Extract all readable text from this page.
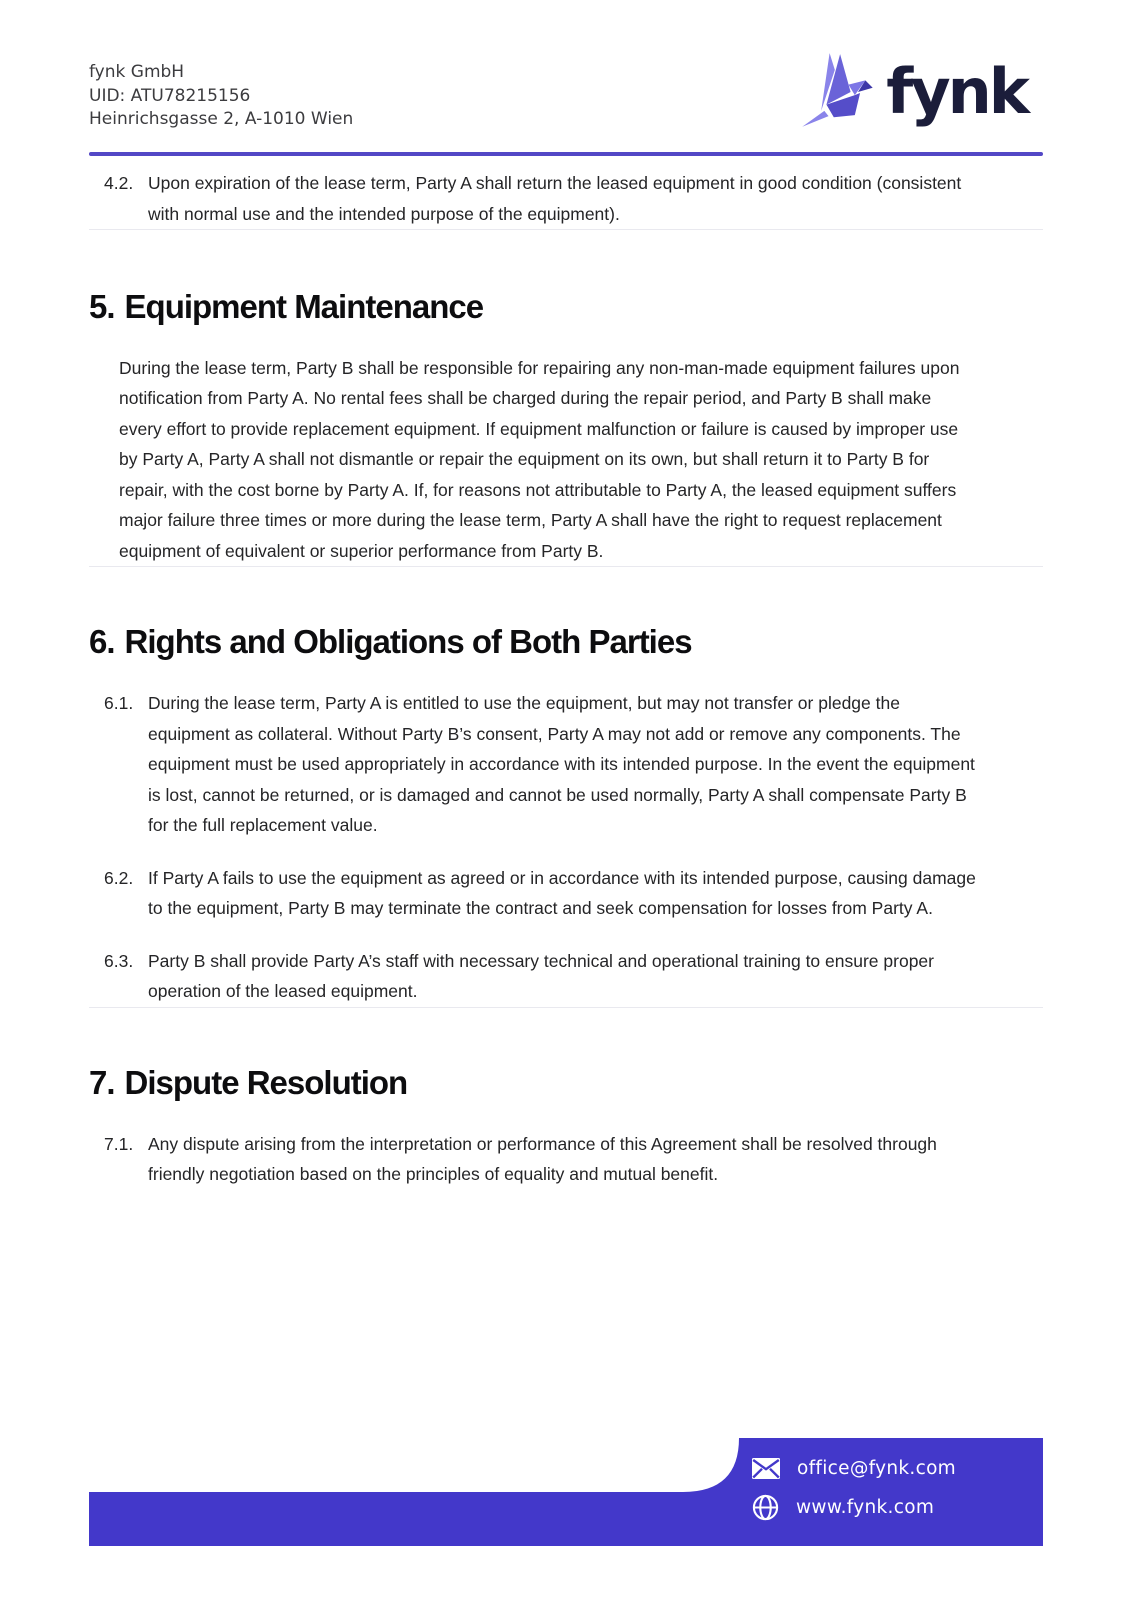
fynk GmbH
UID: ATU78215156
Heinrichsgasse 2, A-1010 Wien	fynk
4.2. Upon expiration of the lease term, Party A shall return the leased equipment in good condition (consistent with normal use and the intended purpose of the equipment).
5. Equipment Maintenance

During the lease term, Party B shall be responsible for repairing any non-man-made equipment failures upon notification from Party A. No rental fees shall be charged during the repair period, and Party B shall make every effort to provide replacement equipment. If equipment malfunction or failure is caused by improper use by Party A, Party A shall not dismantle or repair the equipment on its own, but shall return it to Party B for repair, with the cost borne by Party A. If, for reasons not attributable to Party A, the leased equipment suffers major failure three times or more during the lease term, Party A shall have the right to request replacement equipment of equivalent or superior performance from Party B.

6. Rights and Obligations of Both Parties
6.1. During the lease term, Party A is entitled to use the equipment, but may not transfer or pledge the equipment as collateral. Without Party B’s consent, Party A may not add or remove any components. The equipment must be used appropriately in accordance with its intended purpose. In the event the equipment is lost, cannot be returned, or is damaged and cannot be used normally, Party A shall compensate Party B for the full replacement value.
6.2. If Party A fails to use the equipment as agreed or in accordance with its intended purpose, causing damage to the equipment, Party B may terminate the contract and seek compensation for losses from Party A.
6.3. Party B shall provide Party A’s staff with necessary technical and operational training to ensure proper operation of the leased equipment.
7. Dispute Resolution
7.1. Any dispute arising from the interpretation or performance of this Agreement shall be resolved through friendly negotiation based on the principles of equality and mutual benefit.
office@fynk.com
www.fynk.com
